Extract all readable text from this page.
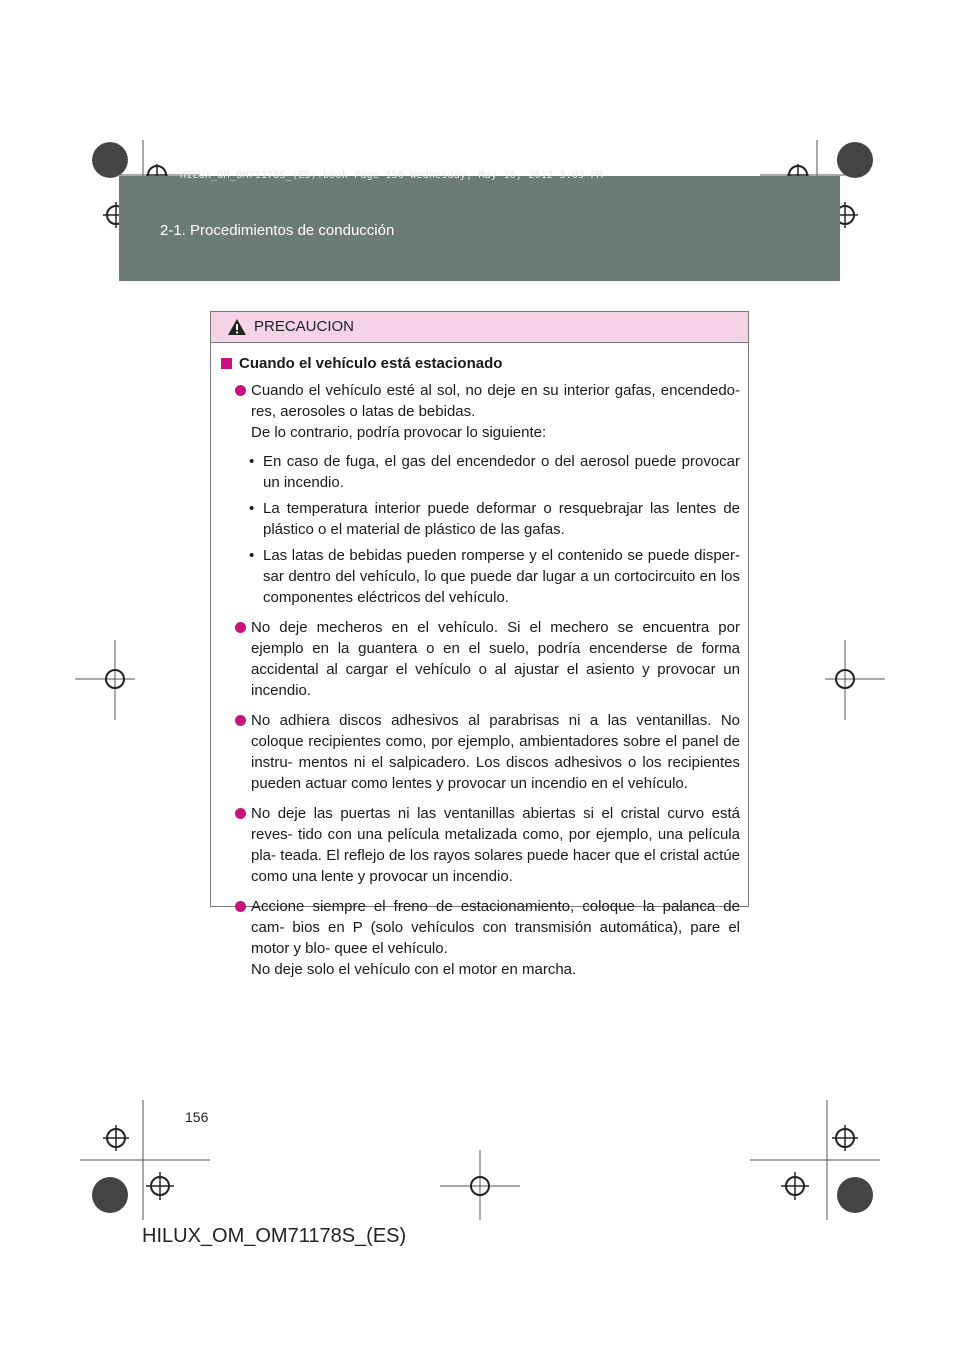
HILUX_OM_OM71178S_(ES).book Page 156 Wednesday, May 16, 2012 3:09 PM
2-1. Procedimientos de conducción
PRECAUCION
Cuando el vehículo está estacionado
Cuando el vehículo esté al sol, no deje en su interior gafas, encendedo- res, aerosoles o latas de bebidas.
De lo contrario, podría provocar lo siguiente:
• En caso de fuga, el gas del encendedor o del aerosol puede provocar un incendio.
• La temperatura interior puede deformar o resquebrajar las lentes de plástico o el material de plástico de las gafas.
• Las latas de bebidas pueden romperse y el contenido se puede disper- sar dentro del vehículo, lo que puede dar lugar a un cortocircuito en los componentes eléctricos del vehículo.
No deje mecheros en el vehículo. Si el mechero se encuentra por ejemplo en la guantera o en el suelo, podría encenderse de forma accidental al cargar el vehículo o al ajustar el asiento y provocar un incendio.
No adhiera discos adhesivos al parabrisas ni a las ventanillas. No coloque recipientes como, por ejemplo, ambientadores sobre el panel de instru- mentos ni el salpicadero. Los discos adhesivos o los recipientes pueden actuar como lentes y provocar un incendio en el vehículo.
No deje las puertas ni las ventanillas abiertas si el cristal curvo está reves- tido con una película metalizada como, por ejemplo, una película pla- teada. El reflejo de los rayos solares puede hacer que el cristal actúe como una lente y provocar un incendio.
Accione siempre el freno de estacionamiento, coloque la palanca de cam- bios en P (solo vehículos con transmisión automática), pare el motor y blo- quee el vehículo.
No deje solo el vehículo con el motor en marcha.
156
HILUX_OM_OM71178S_(ES)
